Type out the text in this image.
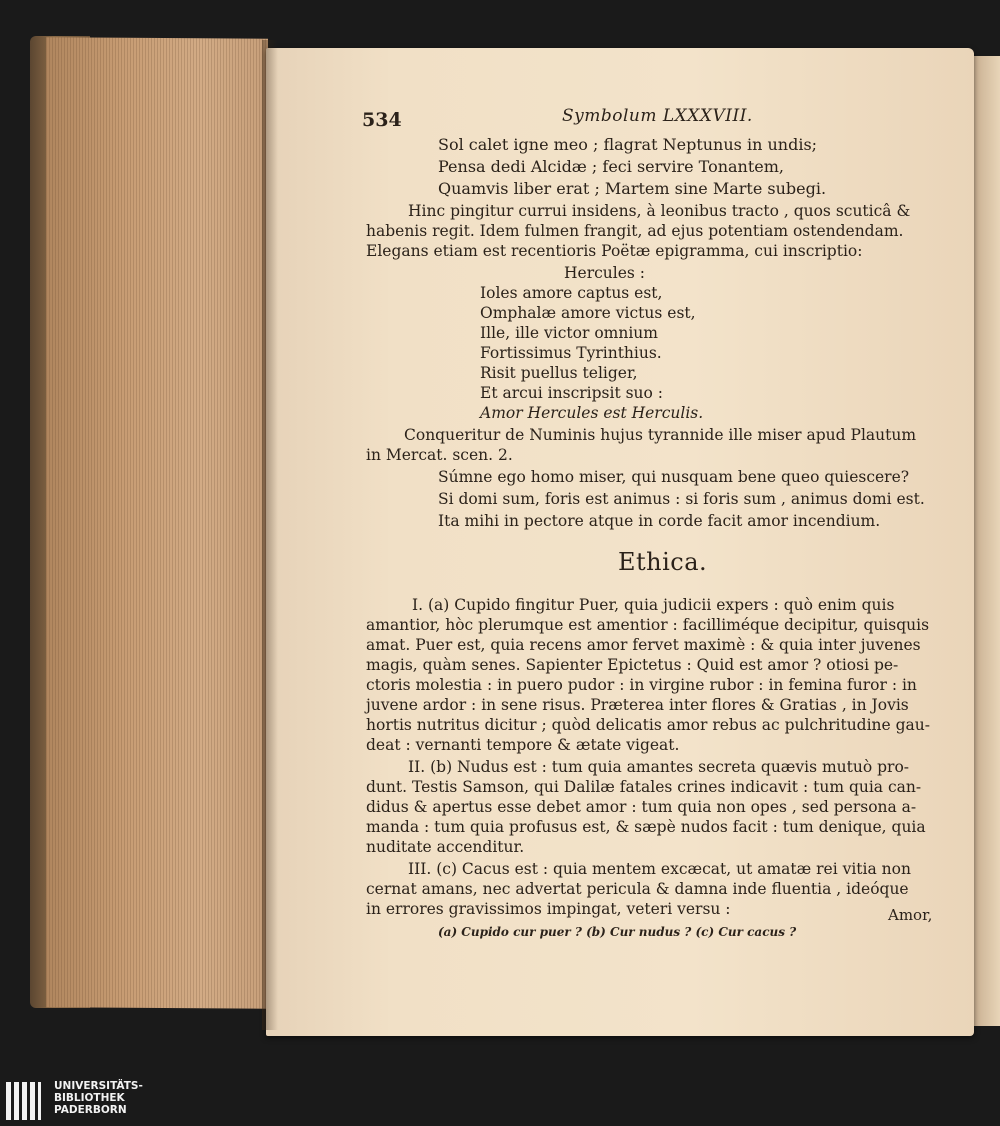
534	Symbolum LXXXVIII.
Sol calet igne meo ; flagrat Neptunus in undis;
Pensa dedi Alcidæ ; feci servire Tonantem,
Quamvis liber erat ; Martem sine Marte subegi.
Hinc pingitur currui insidens, à leonibus tracto , quos scuticâ &
habenis regit. Idem fulmen frangit, ad ejus potentiam ostendendam.
Elegans etiam est recentioris Poëtæ epigramma, cui inscriptio:
Hercules :
Ioles amore captus est,
Omphalæ amore victus est,
Ille, ille victor omnium
Fortissimus Tyrinthius.
Risit puellus teliger,
Et arcui inscripsit suo :
Amor Hercules est Herculis.
Conqueritur de Numinis hujus tyrannide ille miser apud Plautum
in Mercat. scen. 2.
Súmne ego homo miser, qui nusquam bene queo quiescere?
Si domi sum, foris est animus : si foris sum , animus domi est.
Ita mihi in pectore atque in corde facit amor incendium.
Ethica.
I. (a) Cupido fingitur Puer, quia judicii expers : quò enim quis
amantior, hòc plerumque est amentior : facilliméque decipitur, quisquis
amat. Puer est, quia recens amor fervet maximè : & quia inter juvenes
magis, quàm senes. Sapienter Epictetus : Quid est amor ? otiosi pe-
ctoris molestia : in puero pudor : in virgine rubor : in femina furor : in
juvene ardor : in sene risus. Præterea inter flores & Gratias , in Jovis
hortis nutritus dicitur ; quòd delicatis amor rebus ac pulchritudine gau-
deat : vernanti tempore & ætate vigeat.
II. (b) Nudus est : tum quia amantes secreta quævis mutuò pro-
dunt. Testis Samson, qui Dalilæ fatales crines indicavit : tum quia can-
didus & apertus esse debet amor : tum quia non opes , sed persona a-
manda : tum quia profusus est, & sæpè nudos facit : tum denique, quia
nuditate accenditur.
III. (c) Cacus est : quia mentem excæcat, ut amatæ rei vitia non
cernat amans, nec advertat pericula & damna inde fluentia , ideóque
in errores gravissimos impingat, veteri versu :	Amor,
(a) Cupido cur puer ? (b) Cur nudus ? (c) Cur cacus ?
UNIVERSITÄTS-
BIBLIOTHEK
PADERBORN
